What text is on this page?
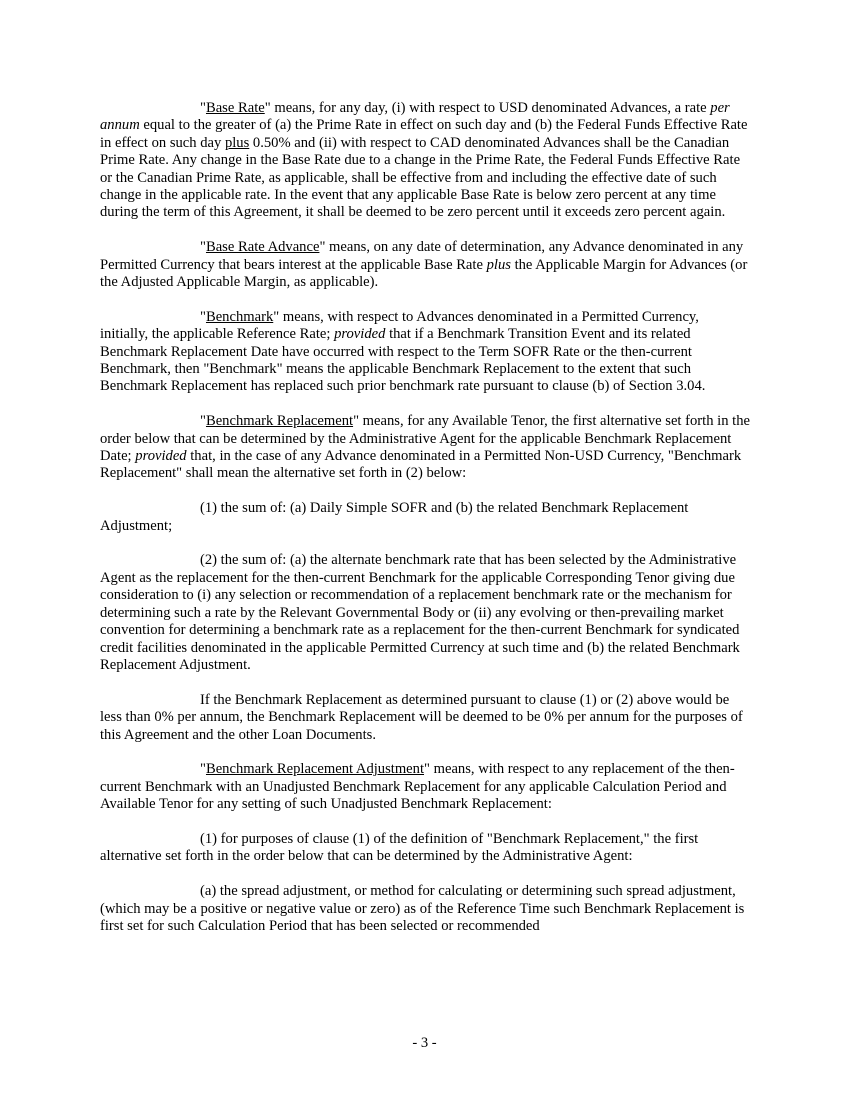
"Base Rate" means, for any day, (i) with respect to USD denominated Advances, a rate per annum equal to the greater of (a) the Prime Rate in effect on such day and (b) the Federal Funds Effective Rate in effect on such day plus 0.50% and (ii) with respect to CAD denominated Advances shall be the Canadian Prime Rate. Any change in the Base Rate due to a change in the Prime Rate, the Federal Funds Effective Rate or the Canadian Prime Rate, as applicable, shall be effective from and including the effective date of such change in the applicable rate. In the event that any applicable Base Rate is below zero percent at any time during the term of this Agreement, it shall be deemed to be zero percent until it exceeds zero percent again.

"Base Rate Advance" means, on any date of determination, any Advance denominated in any Permitted Currency that bears interest at the applicable Base Rate plus the Applicable Margin for Advances (or the Adjusted Applicable Margin, as applicable).

"Benchmark" means, with respect to Advances denominated in a Permitted Currency, initially, the applicable Reference Rate; provided that if a Benchmark Transition Event and its related Benchmark Replacement Date have occurred with respect to the Term SOFR Rate or the then-current Benchmark, then "Benchmark" means the applicable Benchmark Replacement to the extent that such Benchmark Replacement has replaced such prior benchmark rate pursuant to clause (b) of Section 3.04.

"Benchmark Replacement" means, for any Available Tenor, the first alternative set forth in the order below that can be determined by the Administrative Agent for the applicable Benchmark Replacement Date; provided that, in the case of any Advance denominated in a Permitted Non-USD Currency, "Benchmark Replacement" shall mean the alternative set forth in (2) below:

(1) the sum of: (a) Daily Simple SOFR and (b) the related Benchmark Replacement Adjustment;

(2) the sum of: (a) the alternate benchmark rate that has been selected by the Administrative Agent as the replacement for the then-current Benchmark for the applicable Corresponding Tenor giving due consideration to (i) any selection or recommendation of a replacement benchmark rate or the mechanism for determining such a rate by the Relevant Governmental Body or (ii) any evolving or then-prevailing market convention for determining a benchmark rate as a replacement for the then-current Benchmark for syndicated credit facilities denominated in the applicable Permitted Currency at such time and (b) the related Benchmark Replacement Adjustment.

If the Benchmark Replacement as determined pursuant to clause (1) or (2) above would be less than 0% per annum, the Benchmark Replacement will be deemed to be 0% per annum for the purposes of this Agreement and the other Loan Documents.

"Benchmark Replacement Adjustment" means, with respect to any replacement of the then-current Benchmark with an Unadjusted Benchmark Replacement for any applicable Calculation Period and Available Tenor for any setting of such Unadjusted Benchmark Replacement:

(1) for purposes of clause (1) of the definition of "Benchmark Replacement," the first alternative set forth in the order below that can be determined by the Administrative Agent:

(a) the spread adjustment, or method for calculating or determining such spread adjustment, (which may be a positive or negative value or zero) as of the Reference Time such Benchmark Replacement is first set for such Calculation Period that has been selected or recommended

- 3 -
